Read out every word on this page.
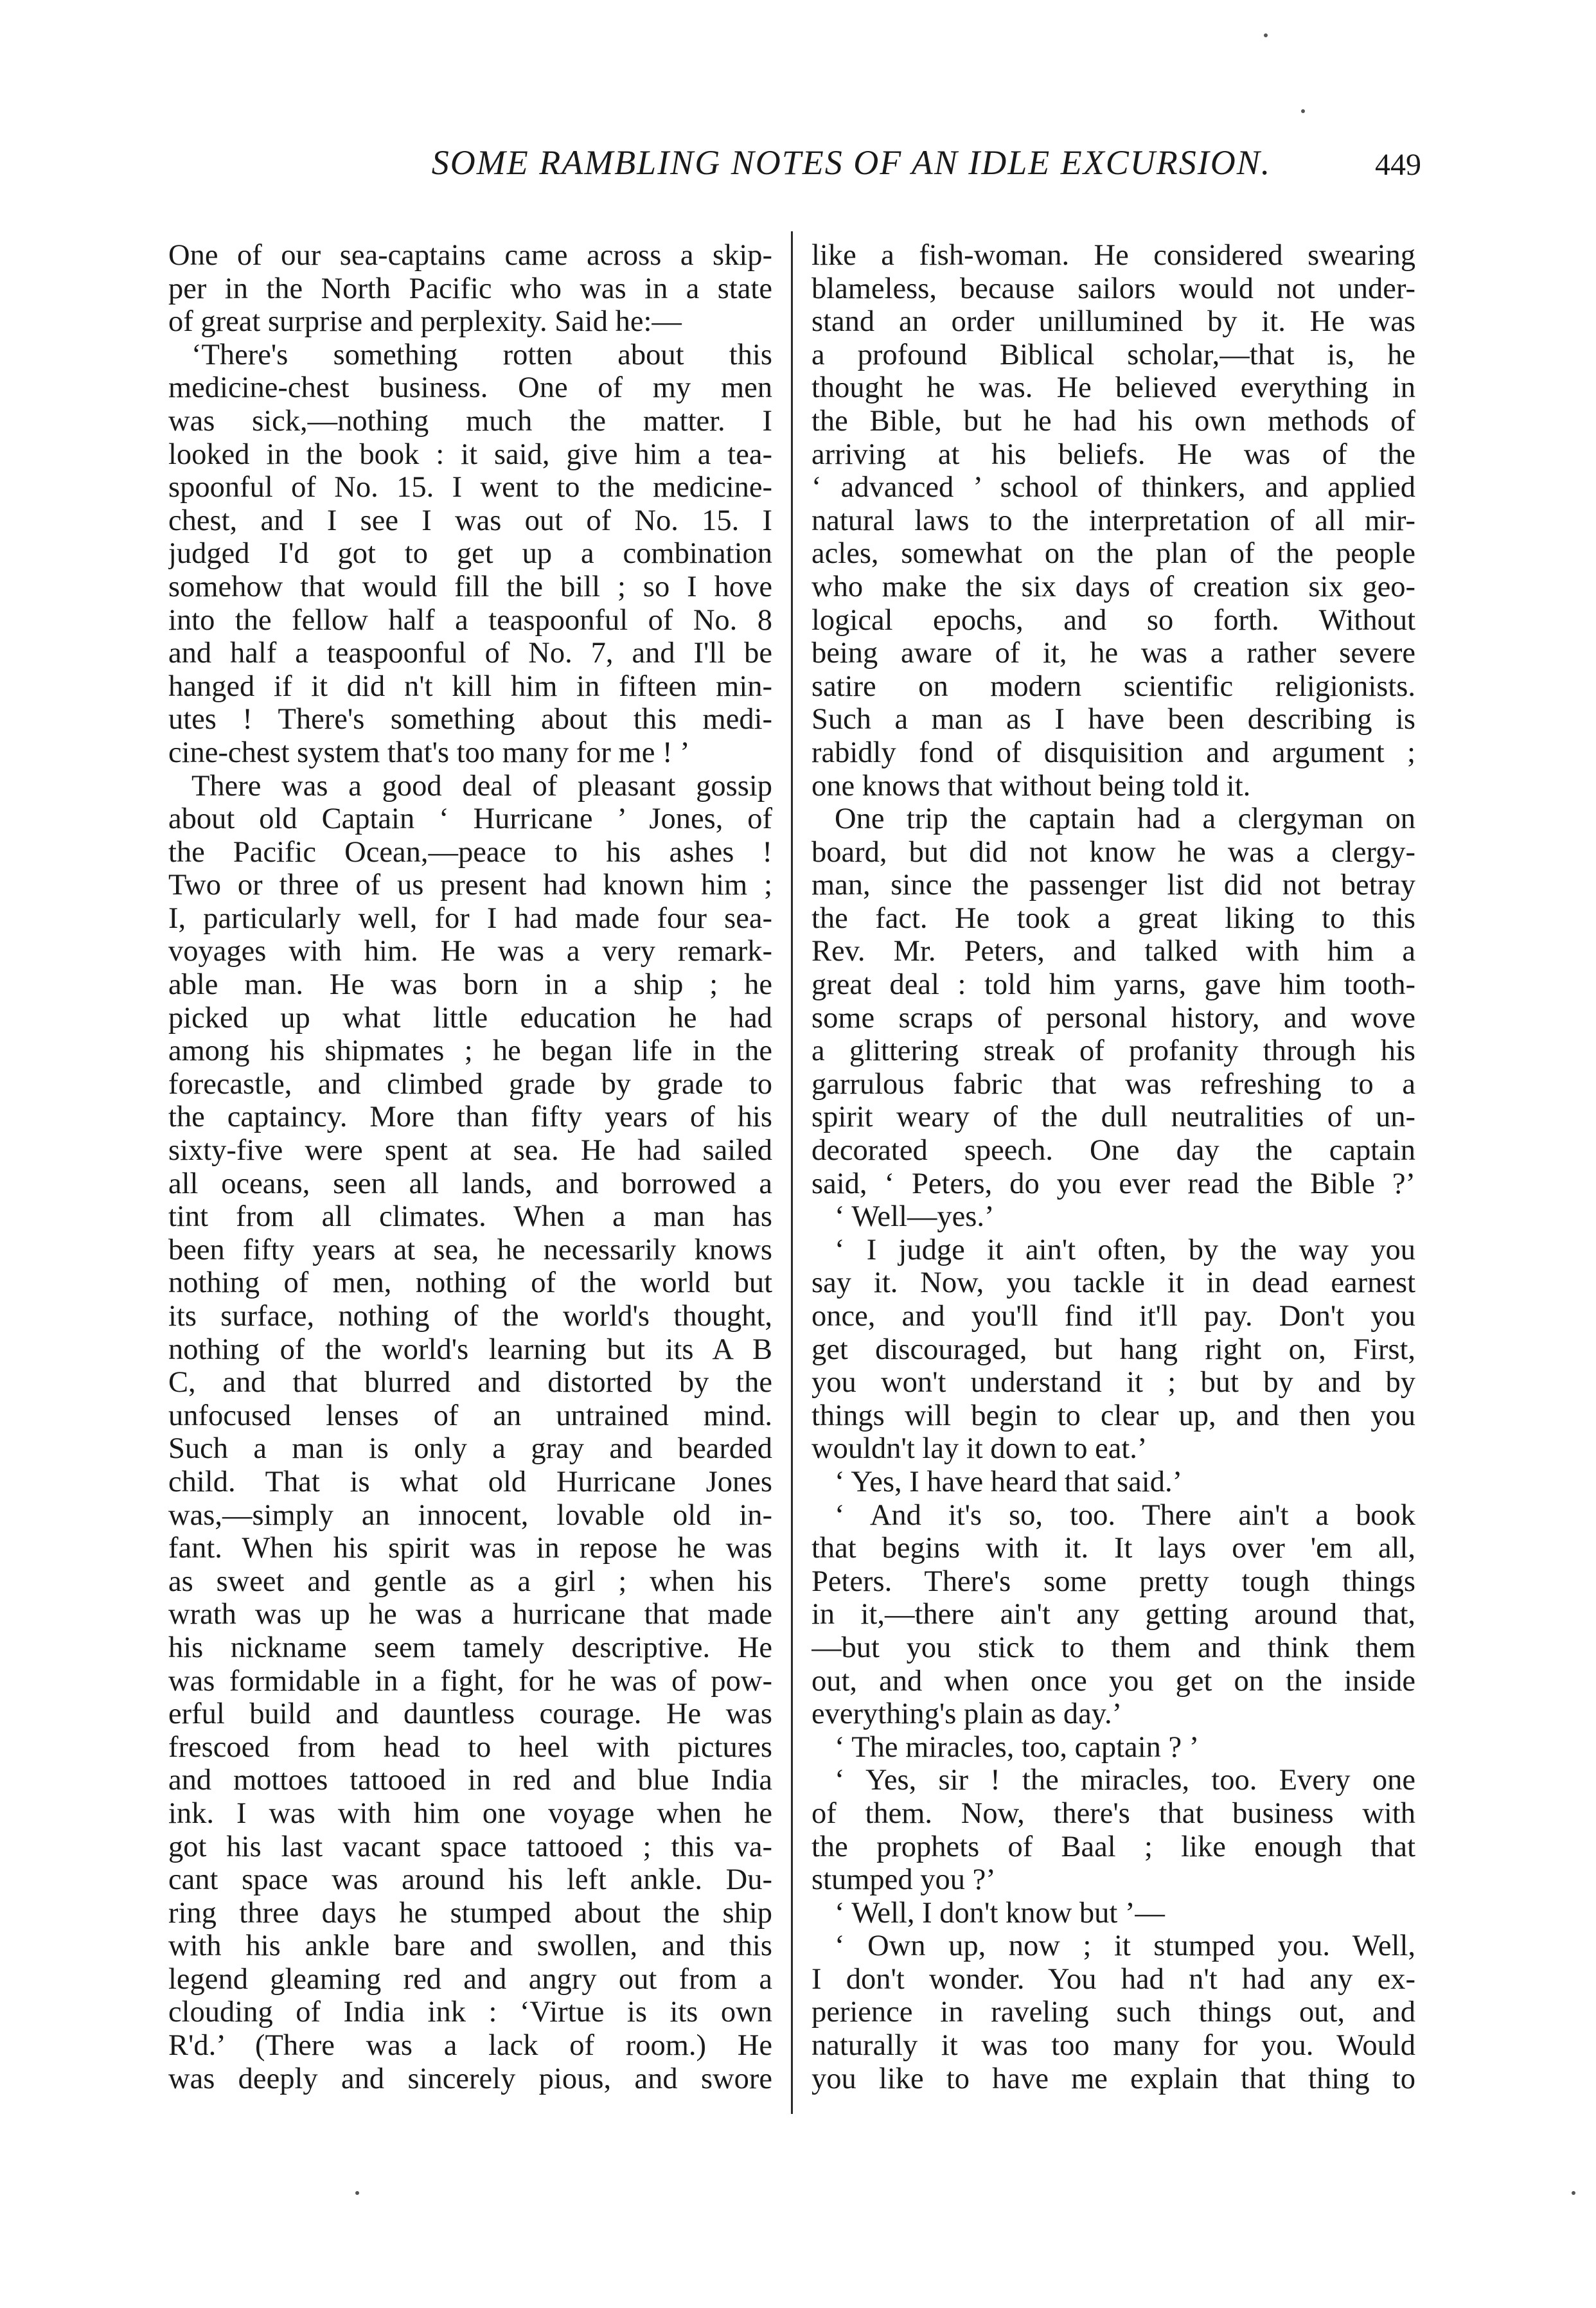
SOME RAMBLING NOTES OF AN IDLE EXCURSION.	449
One of our sea-captains came across a skip-
per in the North Pacific who was in a state
of great surprise and perplexity. Said he:—
‘There's something rotten about this
medicine-chest business. One of my men
was sick,—nothing much the matter. I
looked in the book : it said, give him a tea-
spoonful of No. 15. I went to the medicine-
chest, and I see I was out of No. 15. I
judged I'd got to get up a combination
somehow that would fill the bill ; so I hove
into the fellow half a teaspoonful of No. 8
and half a teaspoonful of No. 7, and I'll be
hanged if it did n't kill him in fifteen min-
utes ! There's something about this medi-
cine-chest system that's too many for me ! ’
There was a good deal of pleasant gossip
about old Captain ‘ Hurricane ’ Jones, of
the Pacific Ocean,—peace to his ashes !
Two or three of us present had known him ;
I, particularly well, for I had made four sea-
voyages with him. He was a very remark-
able man. He was born in a ship ; he
picked up what little education he had
among his shipmates ; he began life in the
forecastle, and climbed grade by grade to
the captaincy. More than fifty years of his
sixty-five were spent at sea. He had sailed
all oceans, seen all lands, and borrowed a
tint from all climates. When a man has
been fifty years at sea, he necessarily knows
nothing of men, nothing of the world but
its surface, nothing of the world's thought,
nothing of the world's learning but its A B
C, and that blurred and distorted by the
unfocused lenses of an untrained mind.
Such a man is only a gray and bearded
child. That is what old Hurricane Jones
was,—simply an innocent, lovable old in-
fant. When his spirit was in repose he was
as sweet and gentle as a girl ; when his
wrath was up he was a hurricane that made
his nickname seem tamely descriptive. He
was formidable in a fight, for he was of pow-
erful build and dauntless courage. He was
frescoed from head to heel with pictures
and mottoes tattooed in red and blue India
ink. I was with him one voyage when he
got his last vacant space tattooed ; this va-
cant space was around his left ankle. Du-
ring three days he stumped about the ship
with his ankle bare and swollen, and this
legend gleaming red and angry out from a
clouding of India ink : ‘Virtue is its own
R'd.’ (There was a lack of room.) He
was deeply and sincerely pious, and swore
like a fish-woman. He considered swearing
blameless, because sailors would not under-
stand an order unillumined by it. He was
a profound Biblical scholar,—that is, he
thought he was. He believed everything in
the Bible, but he had his own methods of
arriving at his beliefs. He was of the
‘ advanced ’ school of thinkers, and applied
natural laws to the interpretation of all mir-
acles, somewhat on the plan of the people
who make the six days of creation six geo-
logical epochs, and so forth. Without
being aware of it, he was a rather severe
satire on modern scientific religionists.
Such a man as I have been describing is
rabidly fond of disquisition and argument ;
one knows that without being told it.
One trip the captain had a clergyman on
board, but did not know he was a clergy-
man, since the passenger list did not betray
the fact. He took a great liking to this
Rev. Mr. Peters, and talked with him a
great deal : told him yarns, gave him tooth-
some scraps of personal history, and wove
a glittering streak of profanity through his
garrulous fabric that was refreshing to a
spirit weary of the dull neutralities of un-
decorated speech. One day the captain
said, ‘ Peters, do you ever read the Bible ?’
‘ Well—yes.’
‘ I judge it ain't often, by the way you
say it. Now, you tackle it in dead earnest
once, and you'll find it'll pay. Don't you
get discouraged, but hang right on, First,
you won't understand it ; but by and by
things will begin to clear up, and then you
wouldn't lay it down to eat.’
‘ Yes, I have heard that said.’
‘ And it's so, too. There ain't a book
that begins with it. It lays over 'em all,
Peters. There's some pretty tough things
in it,—there ain't any getting around that,
—but you stick to them and think them
out, and when once you get on the inside
everything's plain as day.’
‘ The miracles, too, captain ? ’
‘ Yes, sir ! the miracles, too. Every one
of them. Now, there's that business with
the prophets of Baal ; like enough that
stumped you ?’
‘ Well, I don't know but ’—
‘ Own up, now ; it stumped you. Well,
I don't wonder. You had n't had any ex-
perience in raveling such things out, and
naturally it was too many for you. Would
you like to have me explain that thing to
